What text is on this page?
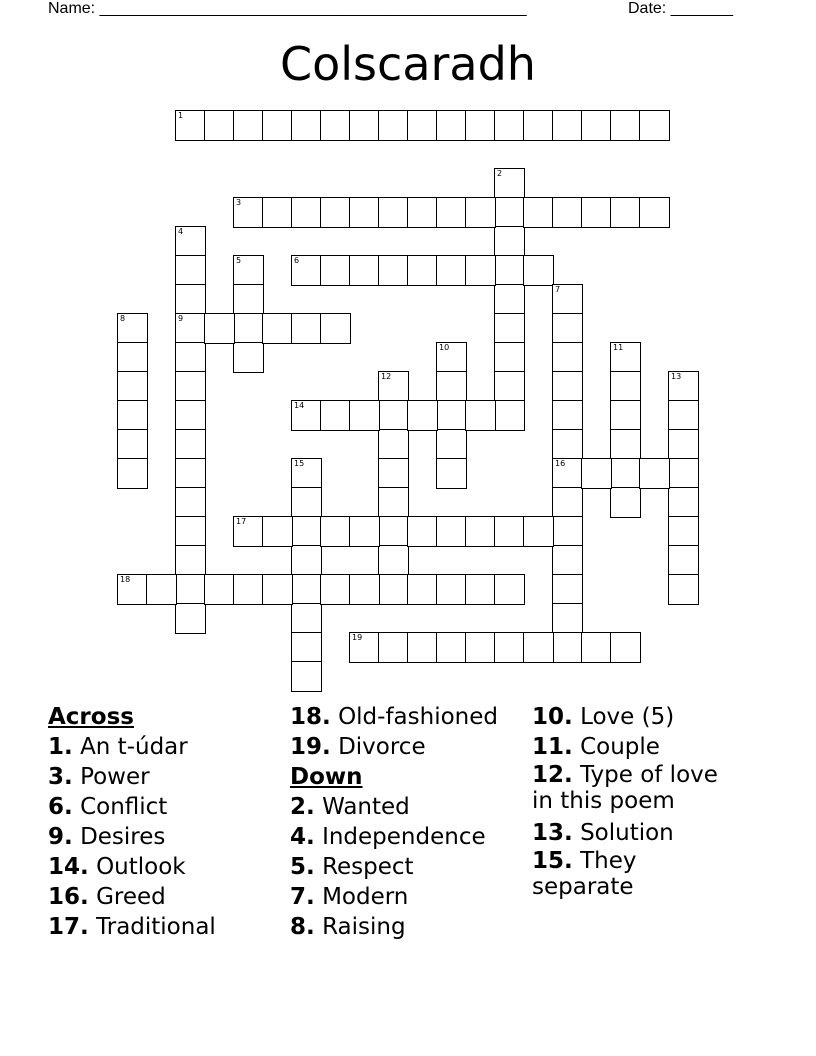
Name: ________________________________________________	Date: _______
Colscaradh
1
2
3
4
9
5	6
7
16
8
10	11
12	13
14
15
17
18
19
Across
1. An t-údar
3. Power
6. Conflict
9. Desires
14. Outlook
16. Greed
17. Traditional
18. Old-fashioned
19. Divorce
Down
2. Wanted
4. Independence
5. Respect
7. Modern
8. Raising
10. Love (5)
11. Couple
12. Type of love in this poem
13. Solution
15. They separate
